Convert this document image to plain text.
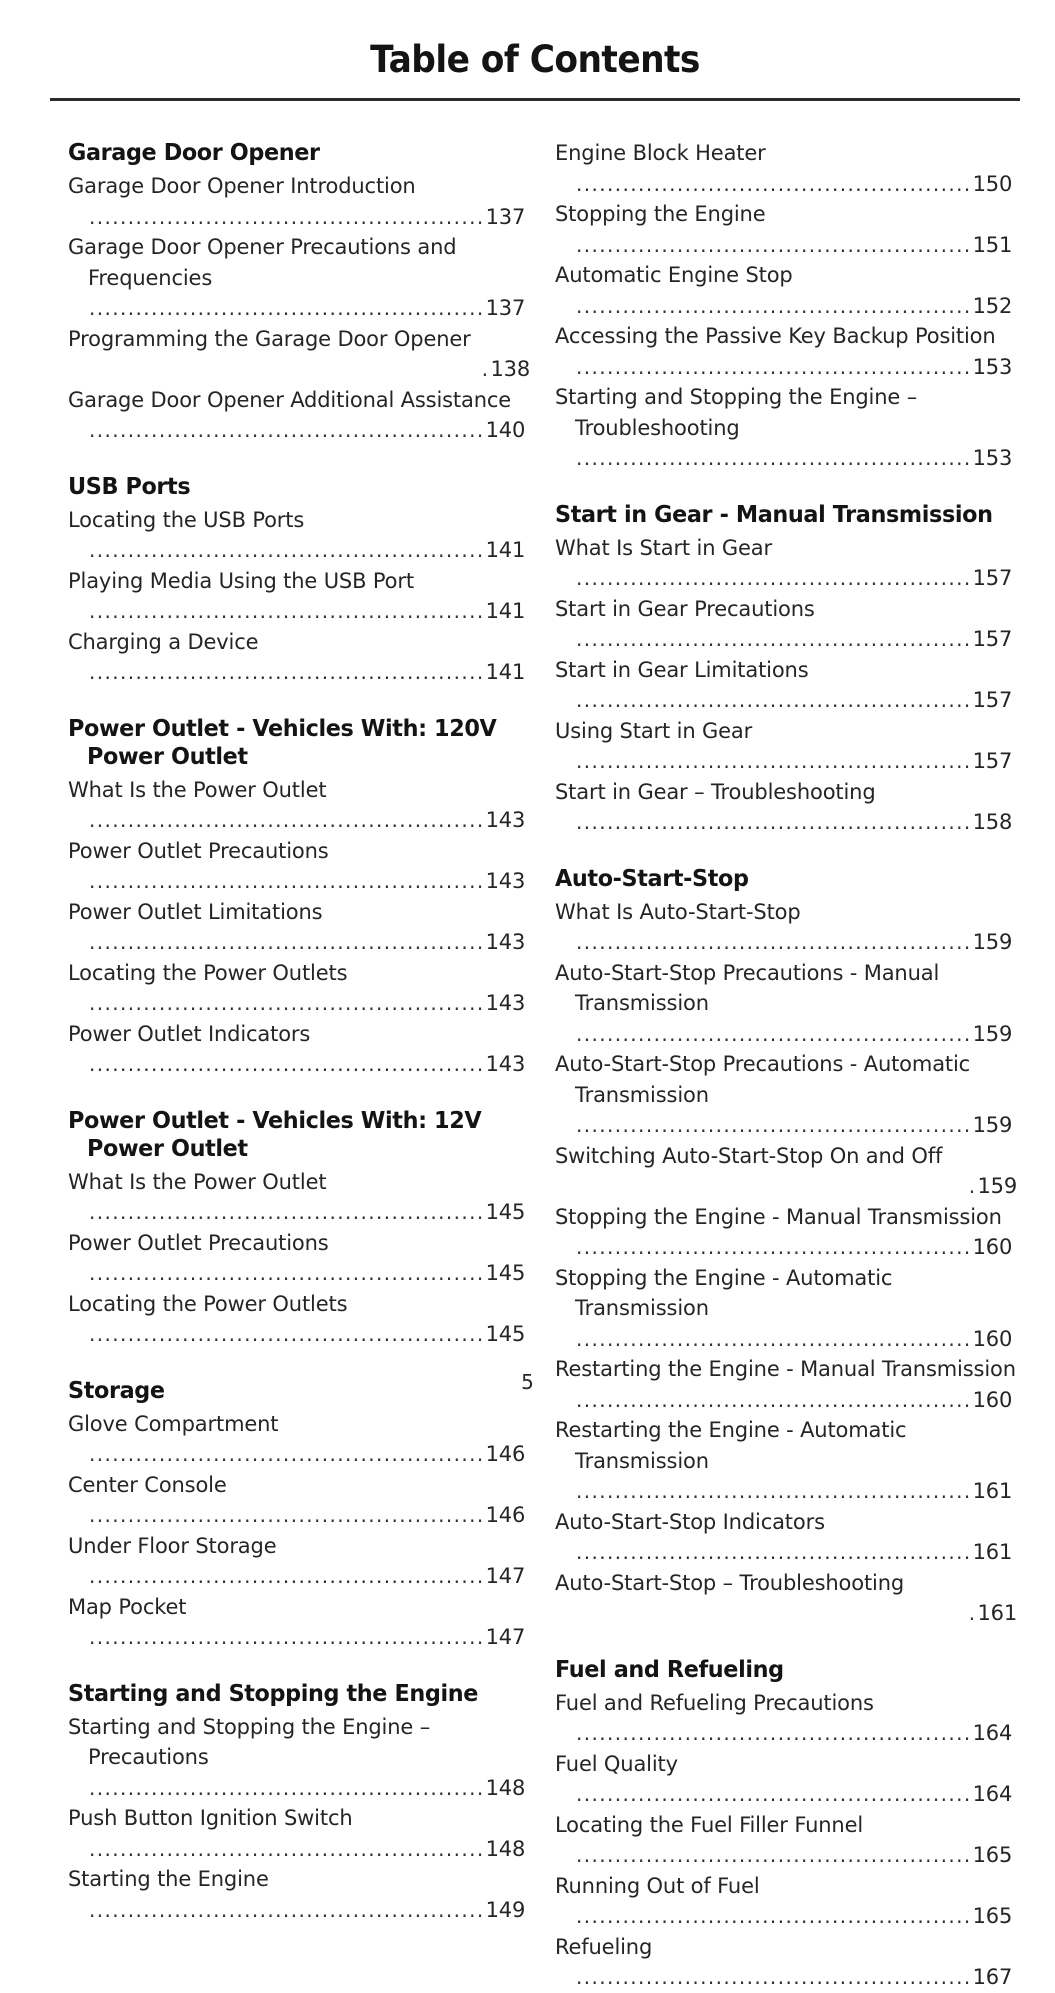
Table of Contents
Garage Door Opener
Garage Door Opener Introduction ...................................................137
Garage Door Opener Precautions and Frequencies ...................................................137
Programming the Garage Door Opener
. 138
Garage Door Opener Additional Assistance ...................................................140
USB Ports
Locating the USB Ports ...................................................141
Playing Media Using the USB Port ...................................................141
Charging a Device ...................................................141
Power Outlet - Vehicles With: 120V Power Outlet
What Is the Power Outlet ...................................................143
Power Outlet Precautions ...................................................143
Power Outlet Limitations ...................................................143
Locating the Power Outlets ...................................................143
Power Outlet Indicators ...................................................143
Power Outlet - Vehicles With: 12V Power Outlet
What Is the Power Outlet ...................................................145
Power Outlet Precautions ...................................................145
Locating the Power Outlets ...................................................145
Storage
Glove Compartment ...................................................146
Center Console ...................................................146
Under Floor Storage ...................................................147
Map Pocket ...................................................147
Starting and Stopping the Engine
Starting and Stopping the Engine – Precautions ...................................................148
Push Button Ignition Switch ...................................................148
Starting the Engine ...................................................149
Engine Block Heater ...................................................150
Stopping the Engine ...................................................151
Automatic Engine Stop ...................................................152
Accessing the Passive Key Backup Position ...................................................153
Starting and Stopping the Engine – Troubleshooting ...................................................153
Start in Gear - Manual Transmission
What Is Start in Gear ...................................................157
Start in Gear Precautions ...................................................157
Start in Gear Limitations ...................................................157
Using Start in Gear ...................................................157
Start in Gear – Troubleshooting ...................................................158
Auto-Start-Stop
What Is Auto-Start-Stop ...................................................159
Auto-Start-Stop Precautions - Manual Transmission ...................................................159
Auto-Start-Stop Precautions - Automatic Transmission ...................................................159
Switching Auto-Start-Stop On and Off
. 159
Stopping the Engine - Manual Transmission ...................................................160
Stopping the Engine - Automatic Transmission ...................................................160
Restarting the Engine - Manual Transmission ...................................................160
Restarting the Engine - Automatic Transmission ...................................................161
Auto-Start-Stop Indicators ...................................................161
Auto-Start-Stop – Troubleshooting
. 161
Fuel and Refueling
Fuel and Refueling Precautions ...................................................164
Fuel Quality ...................................................164
Locating the Fuel Filler Funnel ...................................................165
Running Out of Fuel ...................................................165
Refueling ...................................................167
5
